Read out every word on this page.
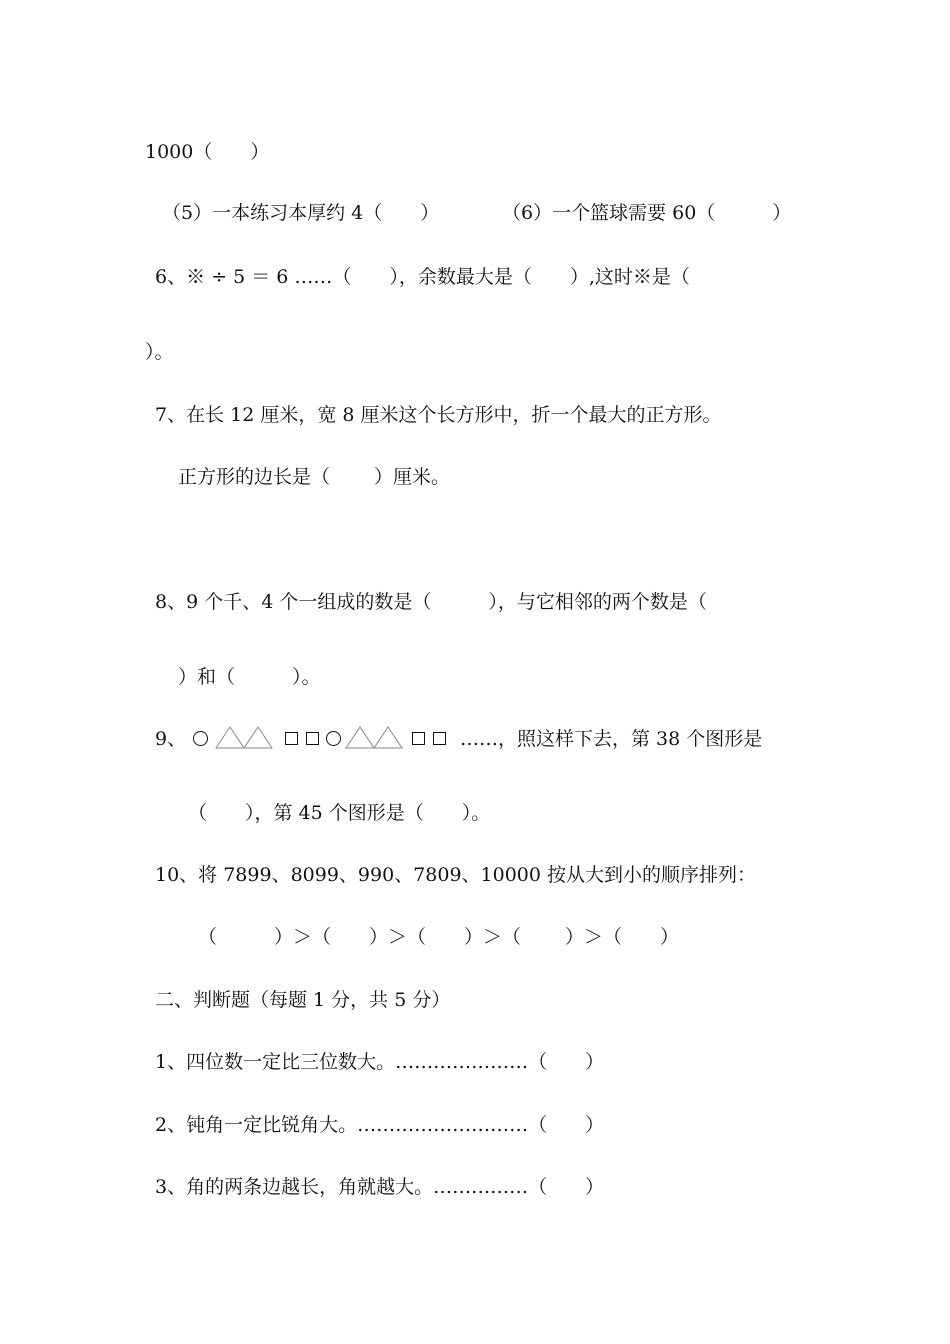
1000（　　）
（5）一本练习本厚约 4（　　）	（6）一个篮球需要 60（　　　）
6、※ ÷ 5 ＝ 6 ……（　　），余数最大是（　　）,这时※是（
）。
7、在长 12 厘米，宽 8 厘米这个长方形中，折一个最大的正方形。
正方形的边长是（　　 ）厘米。
8、9 个千、4 个一组成的数是（　　　），与它相邻的两个数是（
）和（　　　）。
9、	……，照这样下去，第 38 个图形是
（　　），第 45 个图形是（　　）。
10、将 7899、8099、990、7809、10000 按从大到小的顺序排列：
（　　　）＞（　　）＞（　　）＞（　　 ）＞（　　）
二、判断题（每题 1 分，共 5 分）
1、四位数一定比三位数大。…………………（　　）
2、钝角一定比锐角大。………………………（　　）
3、角的两条边越长，角就越大。……………（　　）
